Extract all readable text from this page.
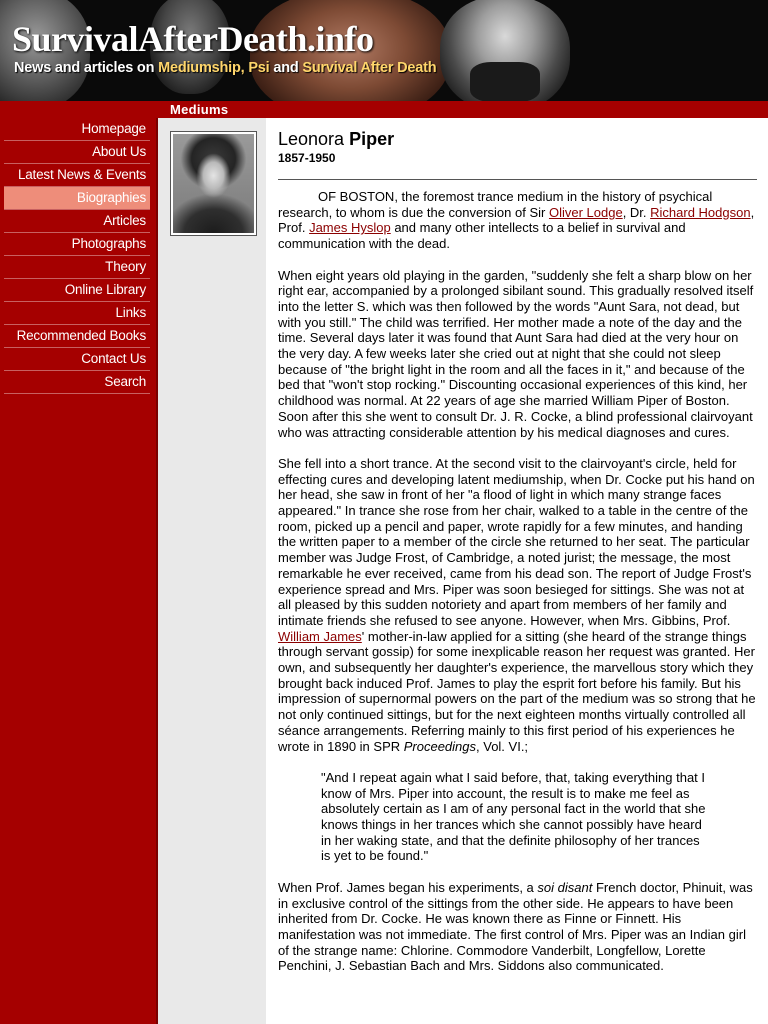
SurvivalAfterDeath.info
News and articles on Mediumship, Psi and Survival After Death
Mediums
Homepage
About Us
Latest News & Events
Biographies
Articles
Photographs
Theory
Online Library
Links
Recommended Books
Contact Us
Search
Leonora Piper
1857-1950

OF BOSTON, the foremost trance medium in the history of psychical research, to whom is due the conversion of Sir Oliver Lodge, Dr. Richard Hodgson, Prof. James Hyslop and many other intellects to a belief in survival and communication with the dead.

When eight years old playing in the garden, "suddenly she felt a sharp blow on her right ear, accompanied by a prolonged sibilant sound. This gradually resolved itself into the letter S. which was then followed by the words "Aunt Sara, not dead, but with you still." The child was terrified. Her mother made a note of the day and the time. Several days later it was found that Aunt Sara had died at the very hour on the very day. A few weeks later she cried out at night that she could not sleep because of "the bright light in the room and all the faces in it," and because of the bed that "won't stop rocking." Discounting occasional experiences of this kind, her childhood was normal. At 22 years of age she married William Piper of Boston. Soon after this she went to consult Dr. J. R. Cocke, a blind professional clairvoyant who was attracting considerable attention by his medical diagnoses and cures.

She fell into a short trance. At the second visit to the clairvoyant's circle, held for effecting cures and developing latent mediumship, when Dr. Cocke put his hand on her head, she saw in front of her "a flood of light in which many strange faces appeared." In trance she rose from her chair, walked to a table in the centre of the room, picked up a pencil and paper, wrote rapidly for a few minutes, and handing the written paper to a member of the circle she returned to her seat. The particular member was Judge Frost, of Cambridge, a noted jurist; the message, the most remarkable he ever received, came from his dead son. The report of Judge Frost's experience spread and Mrs. Piper was soon besieged for sittings. She was not at all pleased by this sudden notoriety and apart from members of her family and intimate friends she refused to see anyone. However, when Mrs. Gibbins, Prof. William James' mother-in-law applied for a sitting (she heard of the strange things through servant gossip) for some inexplicable reason her request was granted. Her own, and subsequently her daughter's experience, the marvellous story which they brought back induced Prof. James to play the esprit fort before his family. But his impression of supernormal powers on the part of the medium was so strong that he not only continued sittings, but for the next eighteen months virtually controlled all séance arrangements. Referring mainly to this first period of his experiences he wrote in 1890 in SPR Proceedings, Vol. VI.;

"And I repeat again what I said before, that, taking everything that I know of Mrs. Piper into account, the result is to make me feel as absolutely certain as I am of any personal fact in the world that she knows things in her trances which she cannot possibly have heard in her waking state, and that the definite philosophy of her trances is yet to be found."

When Prof. James began his experiments, a soi disant French doctor, Phinuit, was in exclusive control of the sittings from the other side. He appears to have been inherited from Dr. Cocke. He was known there as Finne or Finnett. His manifestation was not immediate. The first control of Mrs. Piper was an Indian girl of the strange name: Chlorine. Commodore Vanderbilt, Longfellow, Lorette Penchini, J. Sebastian Bach and Mrs. Siddons also communicated.
